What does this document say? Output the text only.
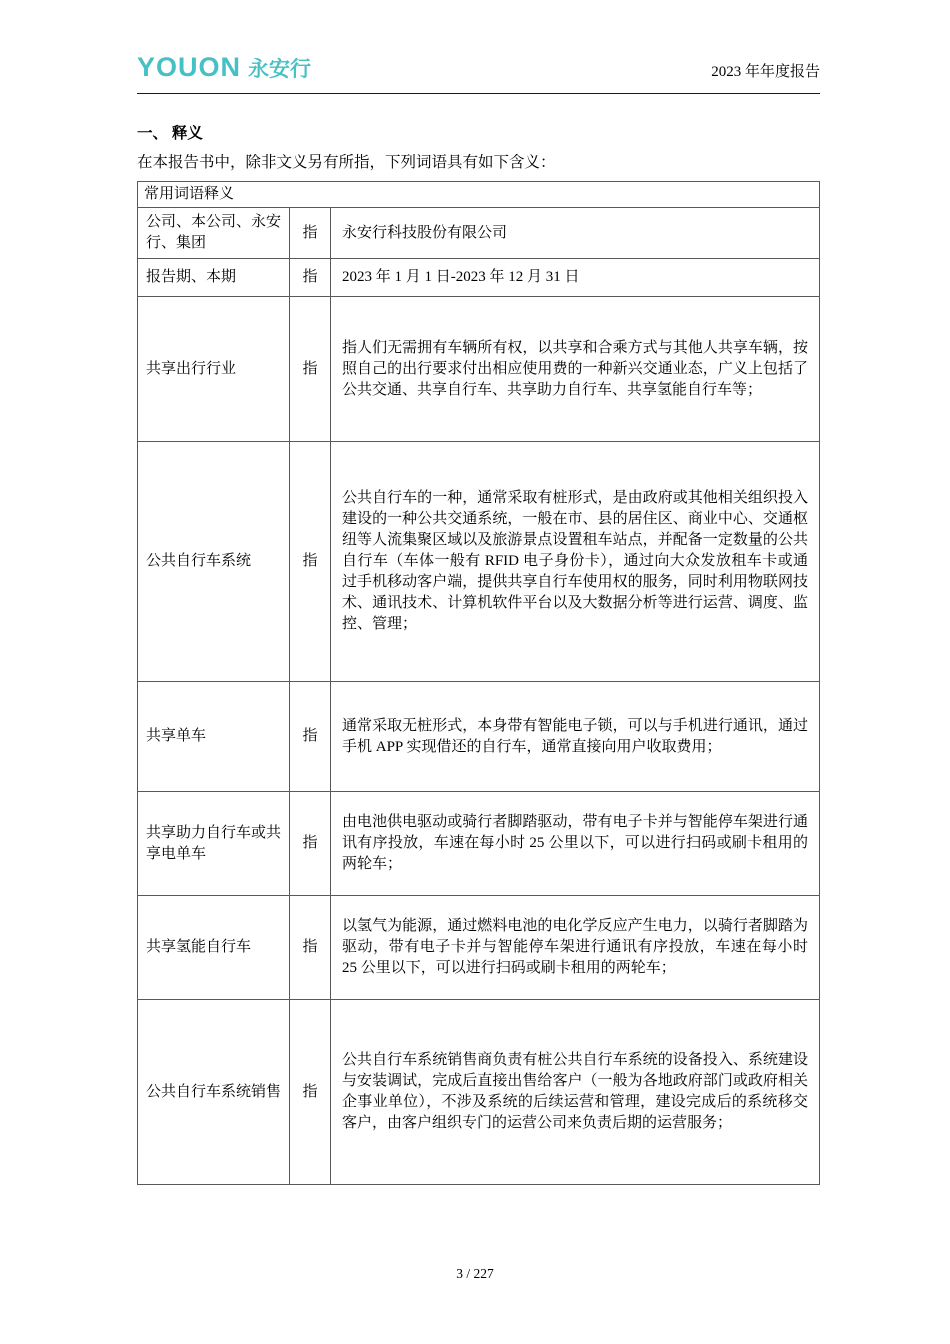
YOUON 永安行	2023 年年度报告
一、 释义
在本报告书中，除非文义另有所指，下列词语具有如下含义：
常用词语释义		
公司、本公司、永安行、集团	指	永安行科技股份有限公司
报告期、本期	指	2023 年 1 月 1 日-2023 年 12 月 31 日
共享出行行业	指	指人们无需拥有车辆所有权，以共享和合乘方式与其他人共享车辆，按照自己的出行要求付出相应使用费的一种新兴交通业态，广义上包括了公共交通、共享自行车、共享助力自行车、共享氢能自行车等；
公共自行车系统	指	公共自行车的一种，通常采取有桩形式，是由政府或其他相关组织投入建设的一种公共交通系统，一般在市、县的居住区、商业中心、交通枢纽等人流集聚区域以及旅游景点设置租车站点，并配备一定数量的公共自行车（车体一般有 RFID 电子身份卡），通过向大众发放租车卡或通过手机移动客户端，提供共享自行车使用权的服务，同时利用物联网技术、通讯技术、计算机软件平台以及大数据分析等进行运营、调度、监控、管理；
共享单车	指	通常采取无桩形式，本身带有智能电子锁，可以与手机进行通讯，通过手机 APP 实现借还的自行车，通常直接向用户收取费用；
共享助力自行车或共享电单车	指	由电池供电驱动或骑行者脚踏驱动，带有电子卡并与智能停车架进行通讯有序投放，车速在每小时 25 公里以下，可以进行扫码或刷卡租用的两轮车；
共享氢能自行车	指	以氢气为能源，通过燃料电池的电化学反应产生电力，以骑行者脚踏为驱动，带有电子卡并与智能停车架进行通讯有序投放，车速在每小时 25 公里以下，可以进行扫码或刷卡租用的两轮车；
公共自行车系统销售	指	公共自行车系统销售商负责有桩公共自行车系统的设备投入、系统建设与安装调试，完成后直接出售给客户（一般为各地政府部门或政府相关企事业单位），不涉及系统的后续运营和管理，建设完成后的系统移交客户，由客户组织专门的运营公司来负责后期的运营服务；
3 / 227
